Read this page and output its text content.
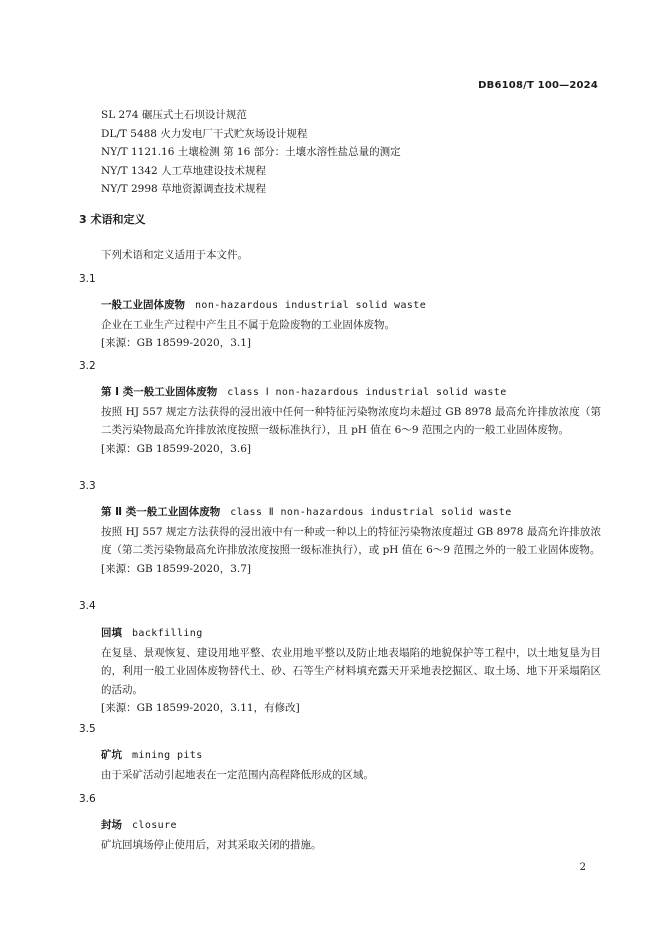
DB6108/T 100—2024
SL 274 碾压式土石坝设计规范
DL/T 5488 火力发电厂干式贮灰场设计规程
NY/T 1121.16 土壤检测 第 16 部分：土壤水溶性盐总量的测定
NY/T 1342 人工草地建设技术规程
NY/T 2998 草地资源调查技术规程
3 术语和定义
下列术语和定义适用于本文件。
3.1
一般工业固体废物 non-hazardous industrial solid waste
企业在工业生产过程中产生且不属于危险废物的工业固体废物。
[来源：GB 18599-2020，3.1]
3.2
第 Ⅰ 类一般工业固体废物 class Ⅰ non-hazardous industrial solid waste
按照 HJ 557 规定方法获得的浸出液中任何一种特征污染物浓度均未超过 GB 8978 最高允许排放浓度（第二类污染物最高允许排放浓度按照一级标准执行），且 pH 值在 6～9 范围之内的一般工业固体废物。
[来源：GB 18599-2020，3.6]
3.3
第 Ⅱ 类一般工业固体废物 class Ⅱ non-hazardous industrial solid waste
按照 HJ 557 规定方法获得的浸出液中有一种或一种以上的特征污染物浓度超过 GB 8978 最高允许排放浓度（第二类污染物最高允许排放浓度按照一级标准执行），或 pH 值在 6～9 范围之外的一般工业固体废物。
[来源：GB 18599-2020，3.7]
3.4
回填 backfilling
在复垦、景观恢复、建设用地平整、农业用地平整以及防止地表塌陷的地貌保护等工程中，以土地复垦为目的，利用一般工业固体废物替代土、砂、石等生产材料填充露天开采地表挖掘区、取土场、地下开采塌陷区的活动。
[来源：GB 18599-2020，3.11，有修改]
3.5
矿坑 mining pits
由于采矿活动引起地表在一定范围内高程降低形成的区域。
3.6
封场 closure
矿坑回填场停止使用后，对其采取关闭的措施。
2
